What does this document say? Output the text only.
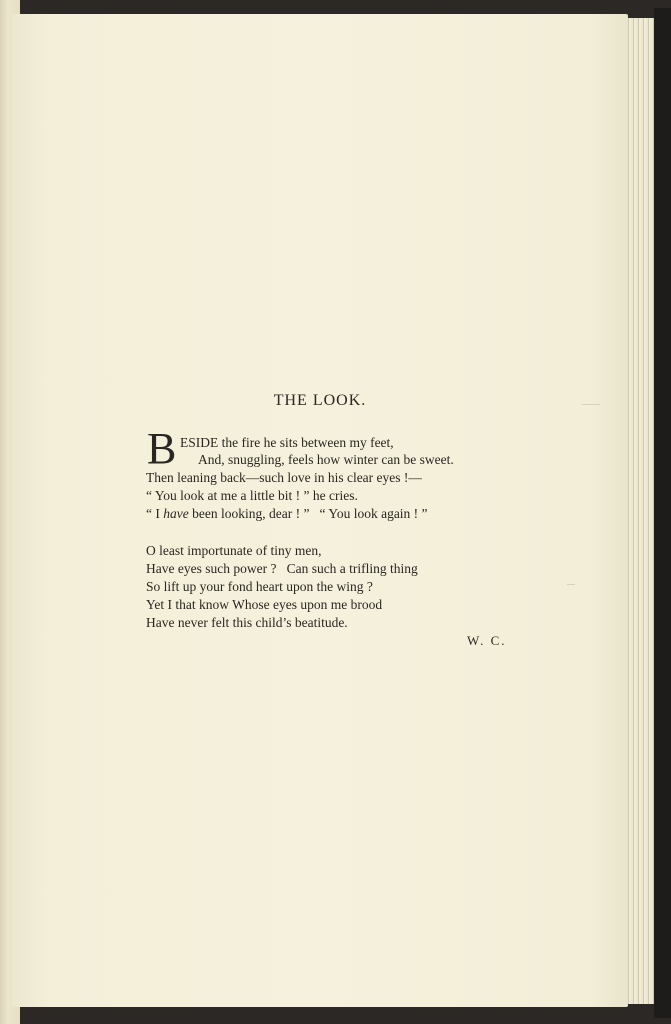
THE LOOK.
B ESIDE the fire he sits between my feet,
And, snuggling, feels how winter can be sweet.
Then leaning back—such love in his clear eyes !—
“ You look at me a little bit ! ” he cries.
“ I have been looking, dear ! ”   “ You look again ! ”
O least importunate of tiny men,
Have eyes such power ?   Can such a trifling thing
So lift up your fond heart upon the wing ?
Yet I that know Whose eyes upon me brood
Have never felt this child’s beatitude.
W. C.
